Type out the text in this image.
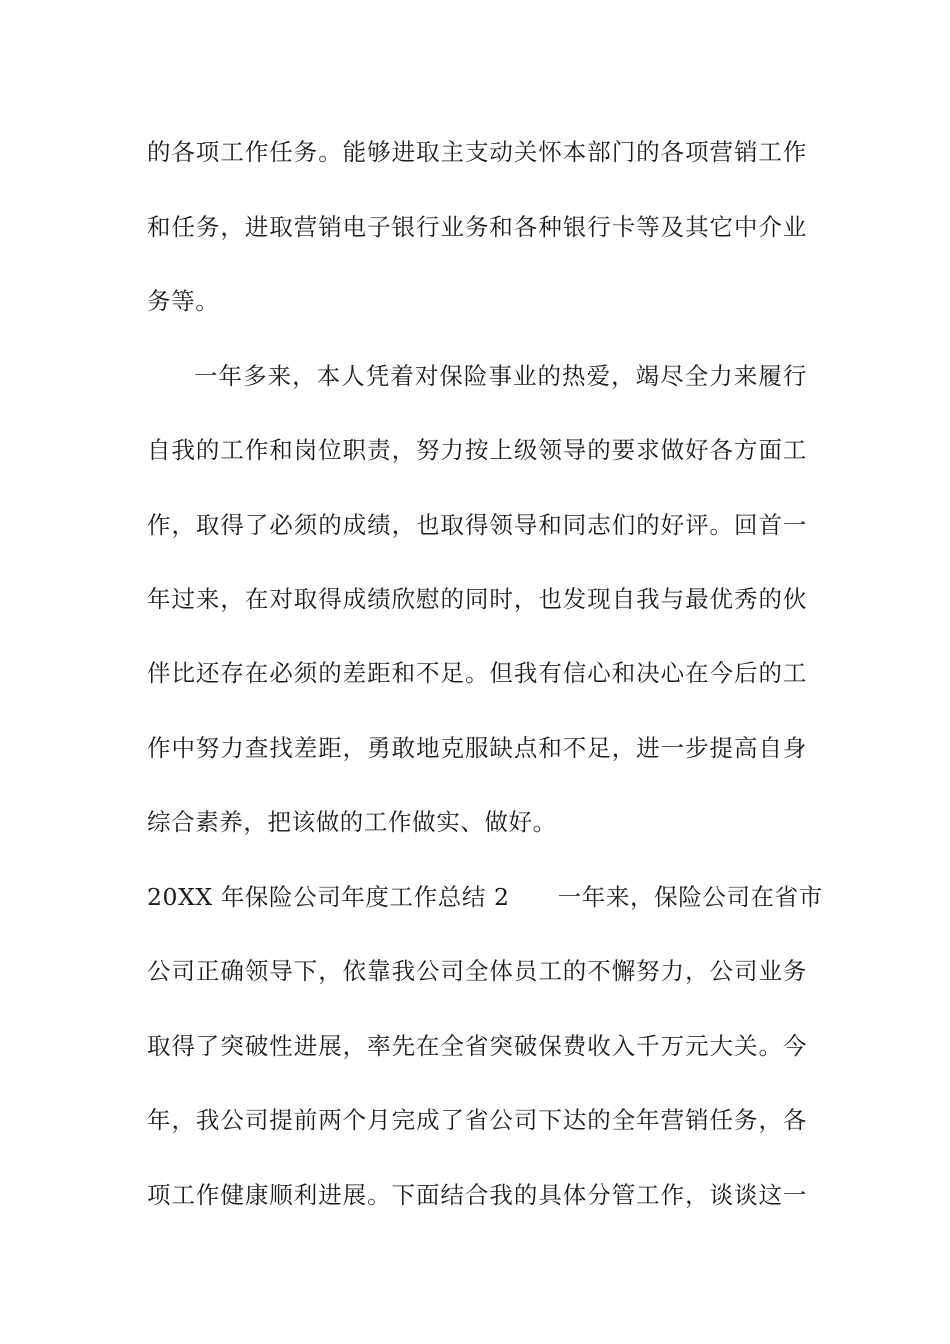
的各项工作任务。能够进取主支动关怀本部门的各项营销工作
和任务，进取营销电子银行业务和各种银行卡等及其它中介业
务等。
一年多来，本人凭着对保险事业的热爱，竭尽全力来履行
自我的工作和岗位职责，努力按上级领导的要求做好各方面工
作，取得了必须的成绩，也取得领导和同志们的好评。回首一
年过来，在对取得成绩欣慰的同时，也发现自我与最优秀的伙
伴比还存在必须的差距和不足。但我有信心和决心在今后的工
作中努力查找差距，勇敢地克服缺点和不足，进一步提高自身
综合素养，把该做的工作做实、做好。
20XX 年保险公司年度工作总结 2　　一年来，保险公司在省市
公司正确领导下，依靠我公司全体员工的不懈努力，公司业务
取得了突破性进展，率先在全省突破保费收入千万元大关。今
年，我公司提前两个月完成了省公司下达的全年营销任务，各
项工作健康顺利进展。下面结合我的具体分管工作，谈谈这一
